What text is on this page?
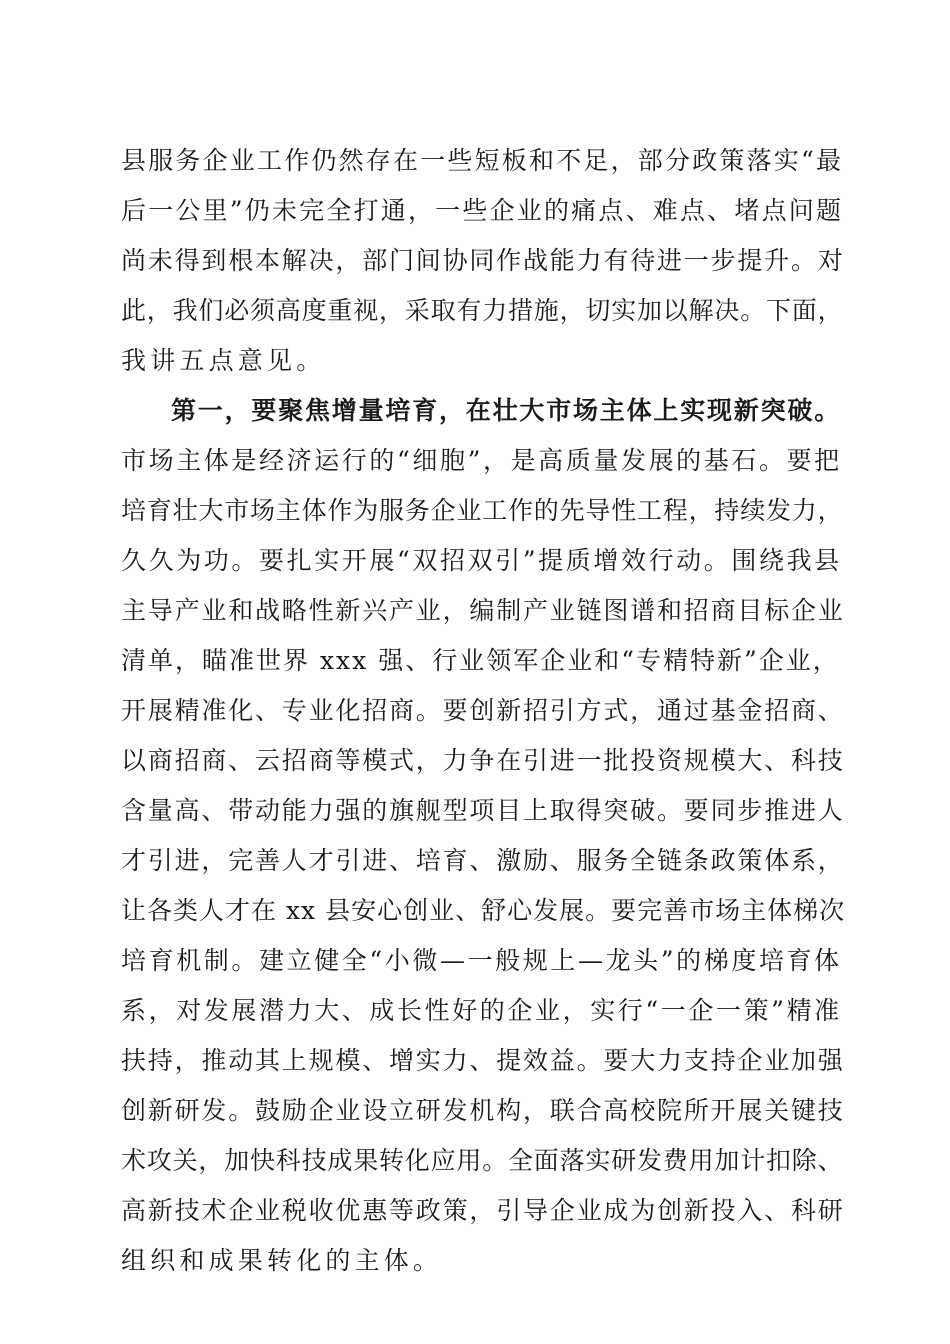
县服务企业工作仍然存在一些短板和不足，部分政策落实“最
后一公里”仍未完全打通，一些企业的痛点、难点、堵点问题
尚未得到根本解决，部门间协同作战能力有待进一步提升。对
此，我们必须高度重视，采取有力措施，切实加以解决。下面，
我讲五点意见。
第一，要聚焦增量培育，在壮大市场主体上实现新突破。
市场主体是经济运行的“细胞”，是高质量发展的基石。要把
培育壮大市场主体作为服务企业工作的先导性工程，持续发力，
久久为功。要扎实开展“双招双引”提质增效行动。围绕我县
主导产业和战略性新兴产业，编制产业链图谱和招商目标企业
清单，瞄准世界 xxx 强、行业领军企业和“专精特新”企业，
开展精准化、专业化招商。要创新招引方式，通过基金招商、
以商招商、云招商等模式，力争在引进一批投资规模大、科技
含量高、带动能力强的旗舰型项目上取得突破。要同步推进人
才引进，完善人才引进、培育、激励、服务全链条政策体系，
让各类人才在 xx 县安心创业、舒心发展。要完善市场主体梯次
培育机制。建立健全“小微—一般规上—龙头”的梯度培育体
系，对发展潜力大、成长性好的企业，实行“一企一策”精准
扶持，推动其上规模、增实力、提效益。要大力支持企业加强
创新研发。鼓励企业设立研发机构，联合高校院所开展关键技
术攻关，加快科技成果转化应用。全面落实研发费用加计扣除、
高新技术企业税收优惠等政策，引导企业成为创新投入、科研
组织和成果转化的主体。
